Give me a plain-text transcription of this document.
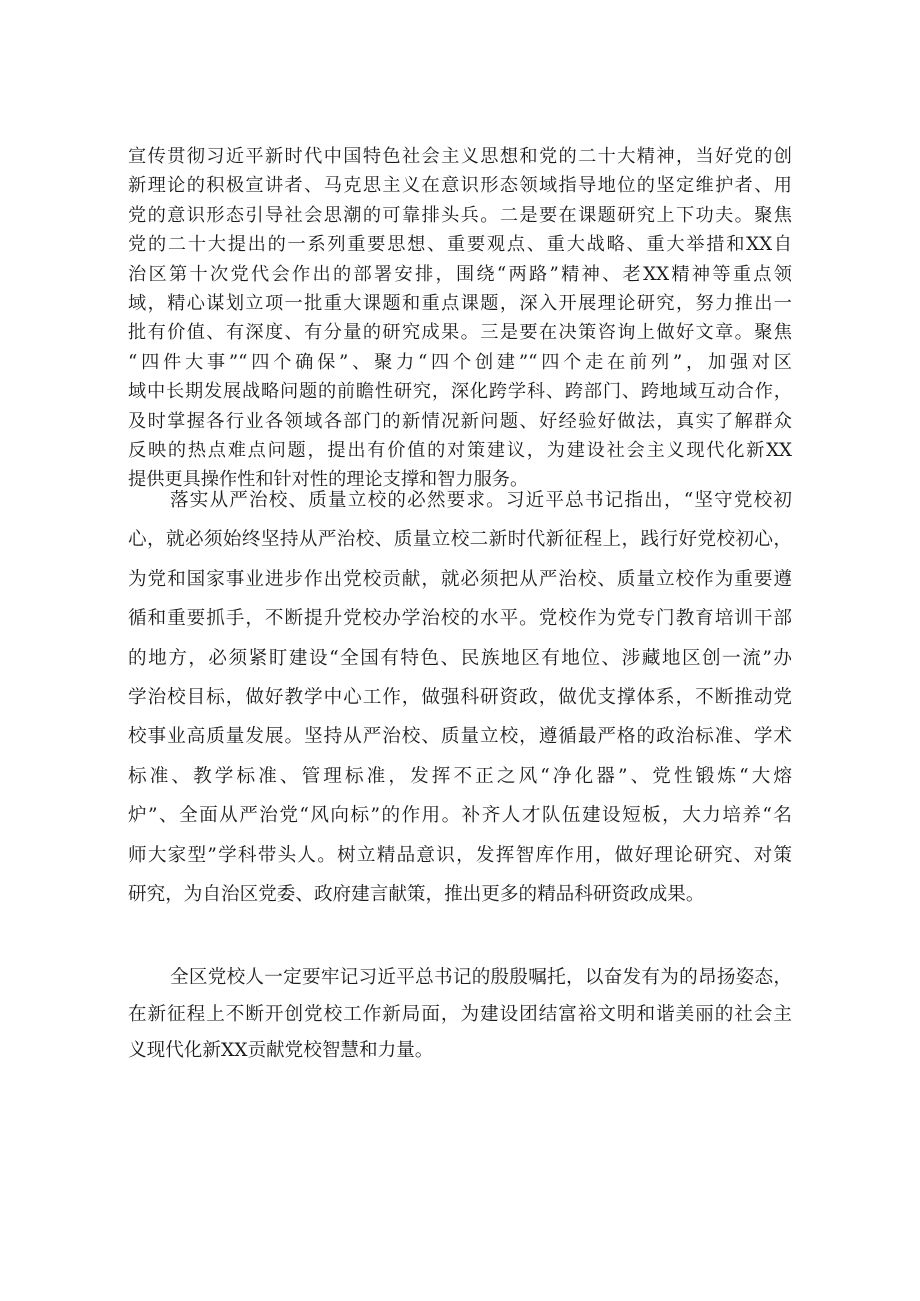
宣传贯彻习近平新时代中国特色社会主义思想和党的二十大精神，当好党的创
新理论的积极宣讲者、马克思主义在意识形态领域指导地位的坚定维护者、用
党的意识形态引导社会思潮的可靠排头兵。二是要在课题研究上下功夫。聚焦
党的二十大提出的一系列重要思想、重要观点、重大战略、重大举措和XX自
治区第十次党代会作出的部署安排，围绕“两路”精神、老XX精神等重点领
域，精心谋划立项一批重大课题和重点课题，深入开展理论研究，努力推出一
批有价值、有深度、有分量的研究成果。三是要在决策咨询上做好文章。聚焦
“四件大事”“四个确保”、聚力“四个创建”“四个走在前列”，加强对区
域中长期发展战略问题的前瞻性研究，深化跨学科、跨部门、跨地域互动合作，
及时掌握各行业各领域各部门的新情况新问题、好经验好做法，真实了解群众
反映的热点难点问题，提出有价值的对策建议，为建设社会主义现代化新XX
提供更具操作性和针对性的理论支撑和智力服务。
落实从严治校、质量立校的必然要求。习近平总书记指出，“坚守党校初
心，就必须始终坚持从严治校、质量立校二新时代新征程上，践行好党校初心，
为党和国家事业进步作出党校贡献，就必须把从严治校、质量立校作为重要遵
循和重要抓手，不断提升党校办学治校的水平。党校作为党专门教育培训干部
的地方，必须紧盯建设“全国有特色、民族地区有地位、涉藏地区创一流”办
学治校目标，做好教学中心工作，做强科研资政，做优支撑体系，不断推动党
校事业高质量发展。坚持从严治校、质量立校，遵循最严格的政治标准、学术
标准、教学标准、管理标准，发挥不正之风“净化器”、党性锻炼“大熔
炉”、全面从严治党“风向标”的作用。补齐人才队伍建设短板，大力培养“名
师大家型”学科带头人。树立精品意识，发挥智库作用，做好理论研究、对策
研究，为自治区党委、政府建言献策，推出更多的精品科研资政成果。
全区党校人一定要牢记习近平总书记的殷殷嘱托，以奋发有为的昂扬姿态，
在新征程上不断开创党校工作新局面，为建设团结富裕文明和谐美丽的社会主
义现代化新XX贡献党校智慧和力量。
